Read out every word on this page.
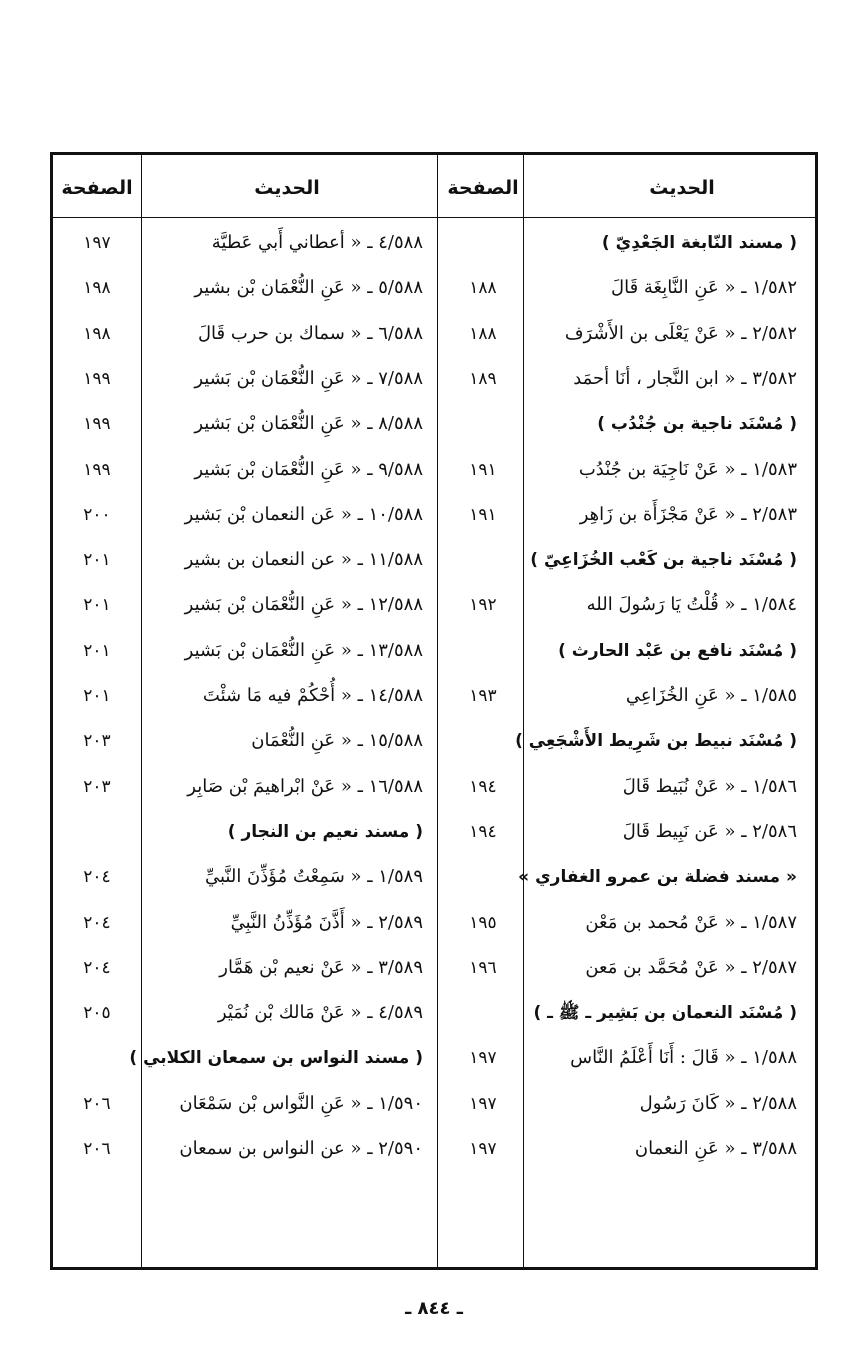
الحديث
الصفحة
الحديث
الصفحة
( مسند النّابغة الجَعْدِيّ )
٤/٥٨٨ ـ « أعطاني أَبي عَطيَّة
١٩٧
١/٥٨٢ ـ « عَنِ النَّابِغَة قَالَ
١٨٨
٥/٥٨٨ ـ « عَنِ النُّعْمَان بْن بشير
١٩٨
٢/٥٨٢ ـ « عَنْ يَعْلَى بن الأَشْرَف
١٨٨
٦/٥٨٨ ـ « سماك بن حرب قَالَ
١٩٨
٣/٥٨٢ ـ « ابن النَّجار ، أنَا أحمَد
١٨٩
٧/٥٨٨ ـ « عَنِ النُّعْمَان بْن بَشير
١٩٩
( مُسْنَد ناجية بن جُنْدُب )
٨/٥٨٨ ـ « عَنِ النُّعْمَان بْن بَشير
١٩٩
١/٥٨٣ ـ « عَنْ نَاجِيَة بن جُنْدُب
١٩١
٩/٥٨٨ ـ « عَنِ النُّعْمَان بْن بَشير
١٩٩
٢/٥٨٣ ـ « عَنْ مَجْزَأَة بن زَاهِر
١٩١
١٠/٥٨٨ ـ « عَن النعمان بْن بَشير
٢٠٠
( مُسْنَد ناجية بن كَعْب الخُزَاعِيّ )
١١/٥٨٨ ـ « عن النعمان بن بشير
٢٠١
١/٥٨٤ ـ « قُلْتُ يَا رَسُولَ الله
١٩٢
١٢/٥٨٨ ـ « عَنِ النُّعْمَان بْن بَشير
٢٠١
( مُسْنَد نافع بن عَبْد الحارث )
١٣/٥٨٨ ـ « عَنِ النُّعْمَان بْن بَشير
٢٠١
١/٥٨٥ ـ « عَنِ الخُزَاعِي
١٩٣
١٤/٥٨٨ ـ « أُحْكُمْ فيه مَا شئْتَ
٢٠١
( مُسْنَد نبيط بن شَرِيط الأَشْجَعِي )
١٥/٥٨٨ ـ « عَنِ النُّعْمَان
٢٠٣
١/٥٨٦ ـ « عَنْ نُبَيط قَالَ
١٩٤
١٦/٥٨٨ ـ « عَنْ ابْراهيمَ بْن صَابِر
٢٠٣
٢/٥٨٦ ـ « عَن نَبِيط قَالَ
١٩٤
( مسند نعيم بن النجار )
« مسند فضلة بن عمرو الغفاري »
١/٥٨٩ ـ « سَمِعْتُ مُؤَذِّنَ النَّبيِّ
٢٠٤
١/٥٨٧ ـ « عَنْ مُحمد بن مَعْن
١٩٥
٢/٥٨٩ ـ « أَذَّنَ مُؤَذِّنُ النَّبِيِّ
٢٠٤
٢/٥٨٧ ـ « عَنْ مُحَمَّد بن مَعن
١٩٦
٣/٥٨٩ ـ « عَنْ نعيم بْن هَمَّار
٢٠٤
( مُسْنَد النعمان بن بَشِير ـ ﷺ ـ )
٤/٥٨٩ ـ « عَنْ مَالك بْن نُمَيْر
٢٠٥
١/٥٨٨ ـ « قَالَ : أَنَا أَعْلَمُ النَّاس
١٩٧
( مسند النواس بن سمعان الكلابي )
٢/٥٨٨ ـ « كَانَ رَسُول
١٩٧
١/٥٩٠ ـ « عَنِ النَّواس بْن سَمْعَان
٢٠٦
٣/٥٨٨ ـ « عَنِ النعمان
١٩٧
٢/٥٩٠ ـ « عن النواس بن سمعان
٢٠٦
ـ ٨٤٤ ـ
